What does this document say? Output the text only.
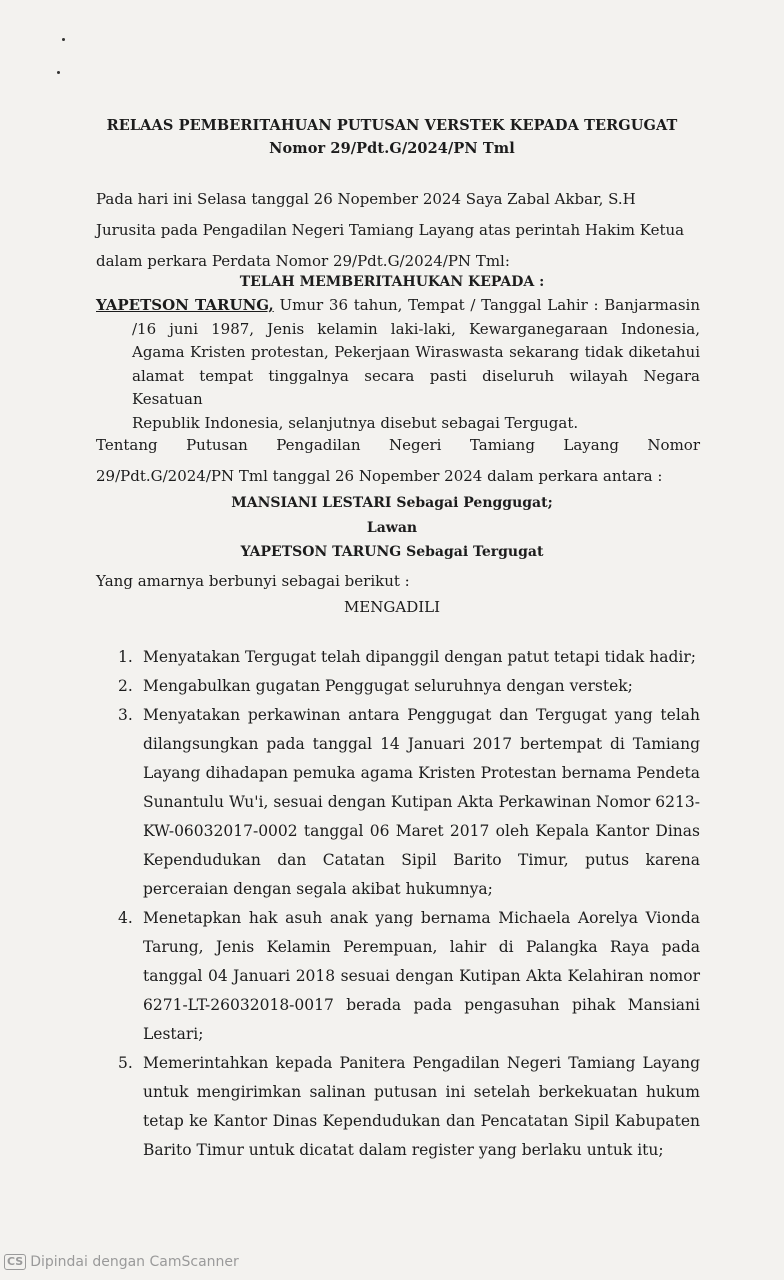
RELAAS PEMBERITAHUAN PUTUSAN VERSTEK KEPADA TERGUGAT
Nomor 29/Pdt.G/2024/PN Tml
Pada hari ini Selasa tanggal 26 Nopember 2024 Saya Zabal Akbar, S.H
Jurusita pada Pengadilan Negeri Tamiang Layang atas perintah Hakim Ketua
dalam perkara Perdata Nomor 29/Pdt.G/2024/PN Tml:
TELAH MEMBERITAHUKAN KEPADA :
YAPETSON TARUNG, Umur 36 tahun, Tempat / Tanggal Lahir : Banjarmasin
/16 juni 1987, Jenis kelamin laki-laki, Kewarganegaraan Indonesia,
Agama Kristen protestan, Pekerjaan Wiraswasta sekarang tidak diketahui
alamat tempat tinggalnya secara pasti diseluruh wilayah Negara Kesatuan
Republik Indonesia, selanjutnya disebut sebagai Tergugat.
Tentang Putusan Pengadilan Negeri Tamiang Layang Nomor
29/Pdt.G/2024/PN Tml tanggal 26 Nopember 2024 dalam perkara antara :
MANSIANI LESTARI Sebagai Penggugat;
Lawan
YAPETSON TARUNG Sebagai Tergugat
Yang amarnya berbunyi sebagai berikut :
MENGADILI
1. Menyatakan Tergugat telah dipanggil dengan patut tetapi tidak hadir;
2. Mengabulkan gugatan Penggugat seluruhnya dengan verstek;
3. Menyatakan perkawinan antara Penggugat dan Tergugat yang telah dilangsungkan pada tanggal 14 Januari 2017 bertempat di Tamiang Layang dihadapan pemuka agama Kristen Protestan bernama Pendeta Sunantulu Wu'i, sesuai dengan Kutipan Akta Perkawinan Nomor 6213-KW-06032017-0002 tanggal 06 Maret 2017 oleh Kepala Kantor Dinas Kependudukan dan Catatan Sipil Barito Timur, putus karena perceraian dengan segala akibat hukumnya;
4. Menetapkan hak asuh anak yang bernama Michaela Aorelya Vionda Tarung, Jenis Kelamin Perempuan, lahir di Palangka Raya pada tanggal 04 Januari 2018 sesuai dengan Kutipan Akta Kelahiran nomor 6271-LT-26032018-0017 berada pada pengasuhan pihak Mansiani Lestari;
5. Memerintahkan kepada Panitera Pengadilan Negeri Tamiang Layang untuk mengirimkan salinan putusan ini setelah berkekuatan hukum tetap ke Kantor Dinas Kependudukan dan Pencatatan Sipil Kabupaten Barito Timur untuk dicatat dalam register yang berlaku untuk itu;
CS Dipindai dengan CamScanner
